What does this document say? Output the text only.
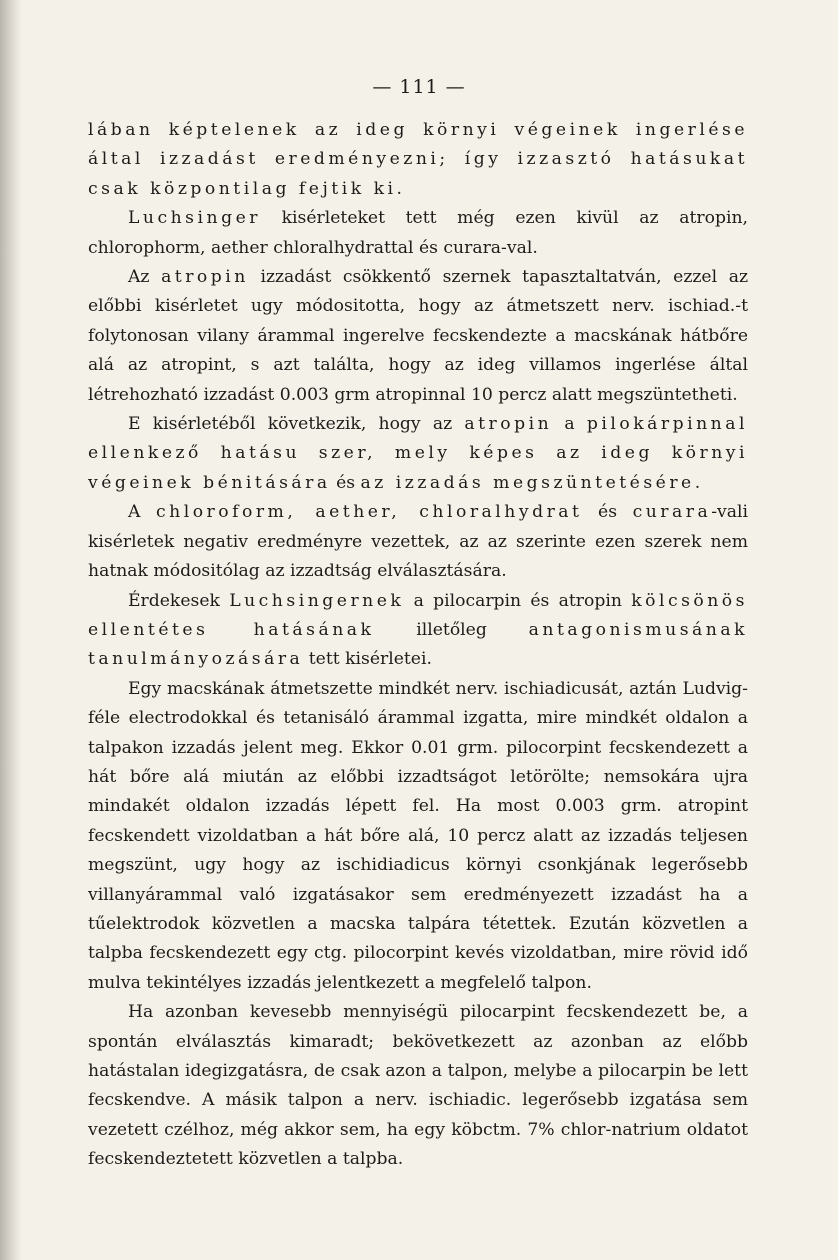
— 111 —

lában képtelenek az ideg környi végeinek ingerlése által izzadást eredményezni; így izzasztó hatásukat csak központilag fejtik ki.

Luchsinger kisérleteket tett még ezen kivül az atropin, chlorophorm, aether chloralhydrattal és curara-val.

Az atropin izzadást csökkentő szernek tapasztaltatván, ezzel az előbbi kisérletet ugy módositotta, hogy az átmetszett nerv. ischiad.-t folytonosan vilany árammal ingerelve fecskendezte a macskának hátbőre alá az atropint, s azt találta, hogy az ideg villamos ingerlése által létrehozható izzadást 0.003 grm atropinnal 10 percz alatt megszüntetheti.

E kisérletéből következik, hogy az atropin a pilokárpinnal ellenkező hatásu szer, mely képes az ideg környi végeinek bénitására és az izzadás megszüntetésére.

A chloroform, aether, chloralhydrat és curara-vali kisérletek negativ eredményre vezettek, az az szerinte ezen szerek nem hatnak módositólag az izzadtság elválasztására.

Érdekesek Luchsingernek a pilocarpin és atropin kölcsönös ellentétes hatásának illetőleg antagonismusának tanulmányozására tett kisérletei.

Egy macskának átmetszette mindkét nerv. ischiadicusát, aztán Ludvig-féle electrodokkal és tetanisáló árammal izgatta, mire mindkét oldalon a talpakon izzadás jelent meg. Ekkor 0.01 grm. pilocorpint fecskendezett a hát bőre alá miután az előbbi izzadtságot letörölte; nemsokára ujra mindakét oldalon izzadás lépett fel. Ha most 0.003 grm. atropint fecskendett vizoldatban a hát bőre alá, 10 percz alatt az izzadás teljesen megszünt, ugy hogy az ischidiadicus környi csonkjának legerősebb villanyárammal való izgatásakor sem eredményezett izzadást ha a tűelektrodok közvetlen a macska talpára tétettek. Ezután közvetlen a talpba fecskendezett egy ctg. pilocorpint kevés vizoldatban, mire rövid idő mulva tekintélyes izzadás jelentkezett a megfelelő talpon.

Ha azonban kevesebb mennyiségü pilocarpint fecskendezett be, a spontán elválasztás kimaradt; bekövetkezett az azonban az előbb hatástalan idegizgatásra, de csak azon a talpon, melybe a pilocarpin be lett fecskendve. A másik talpon a nerv. ischiadic. legerősebb izgatása sem vezetett czélhoz, még akkor sem, ha egy köbctm. 7% chlor-natrium oldatot fecskendeztetett közvetlen a talpba.
